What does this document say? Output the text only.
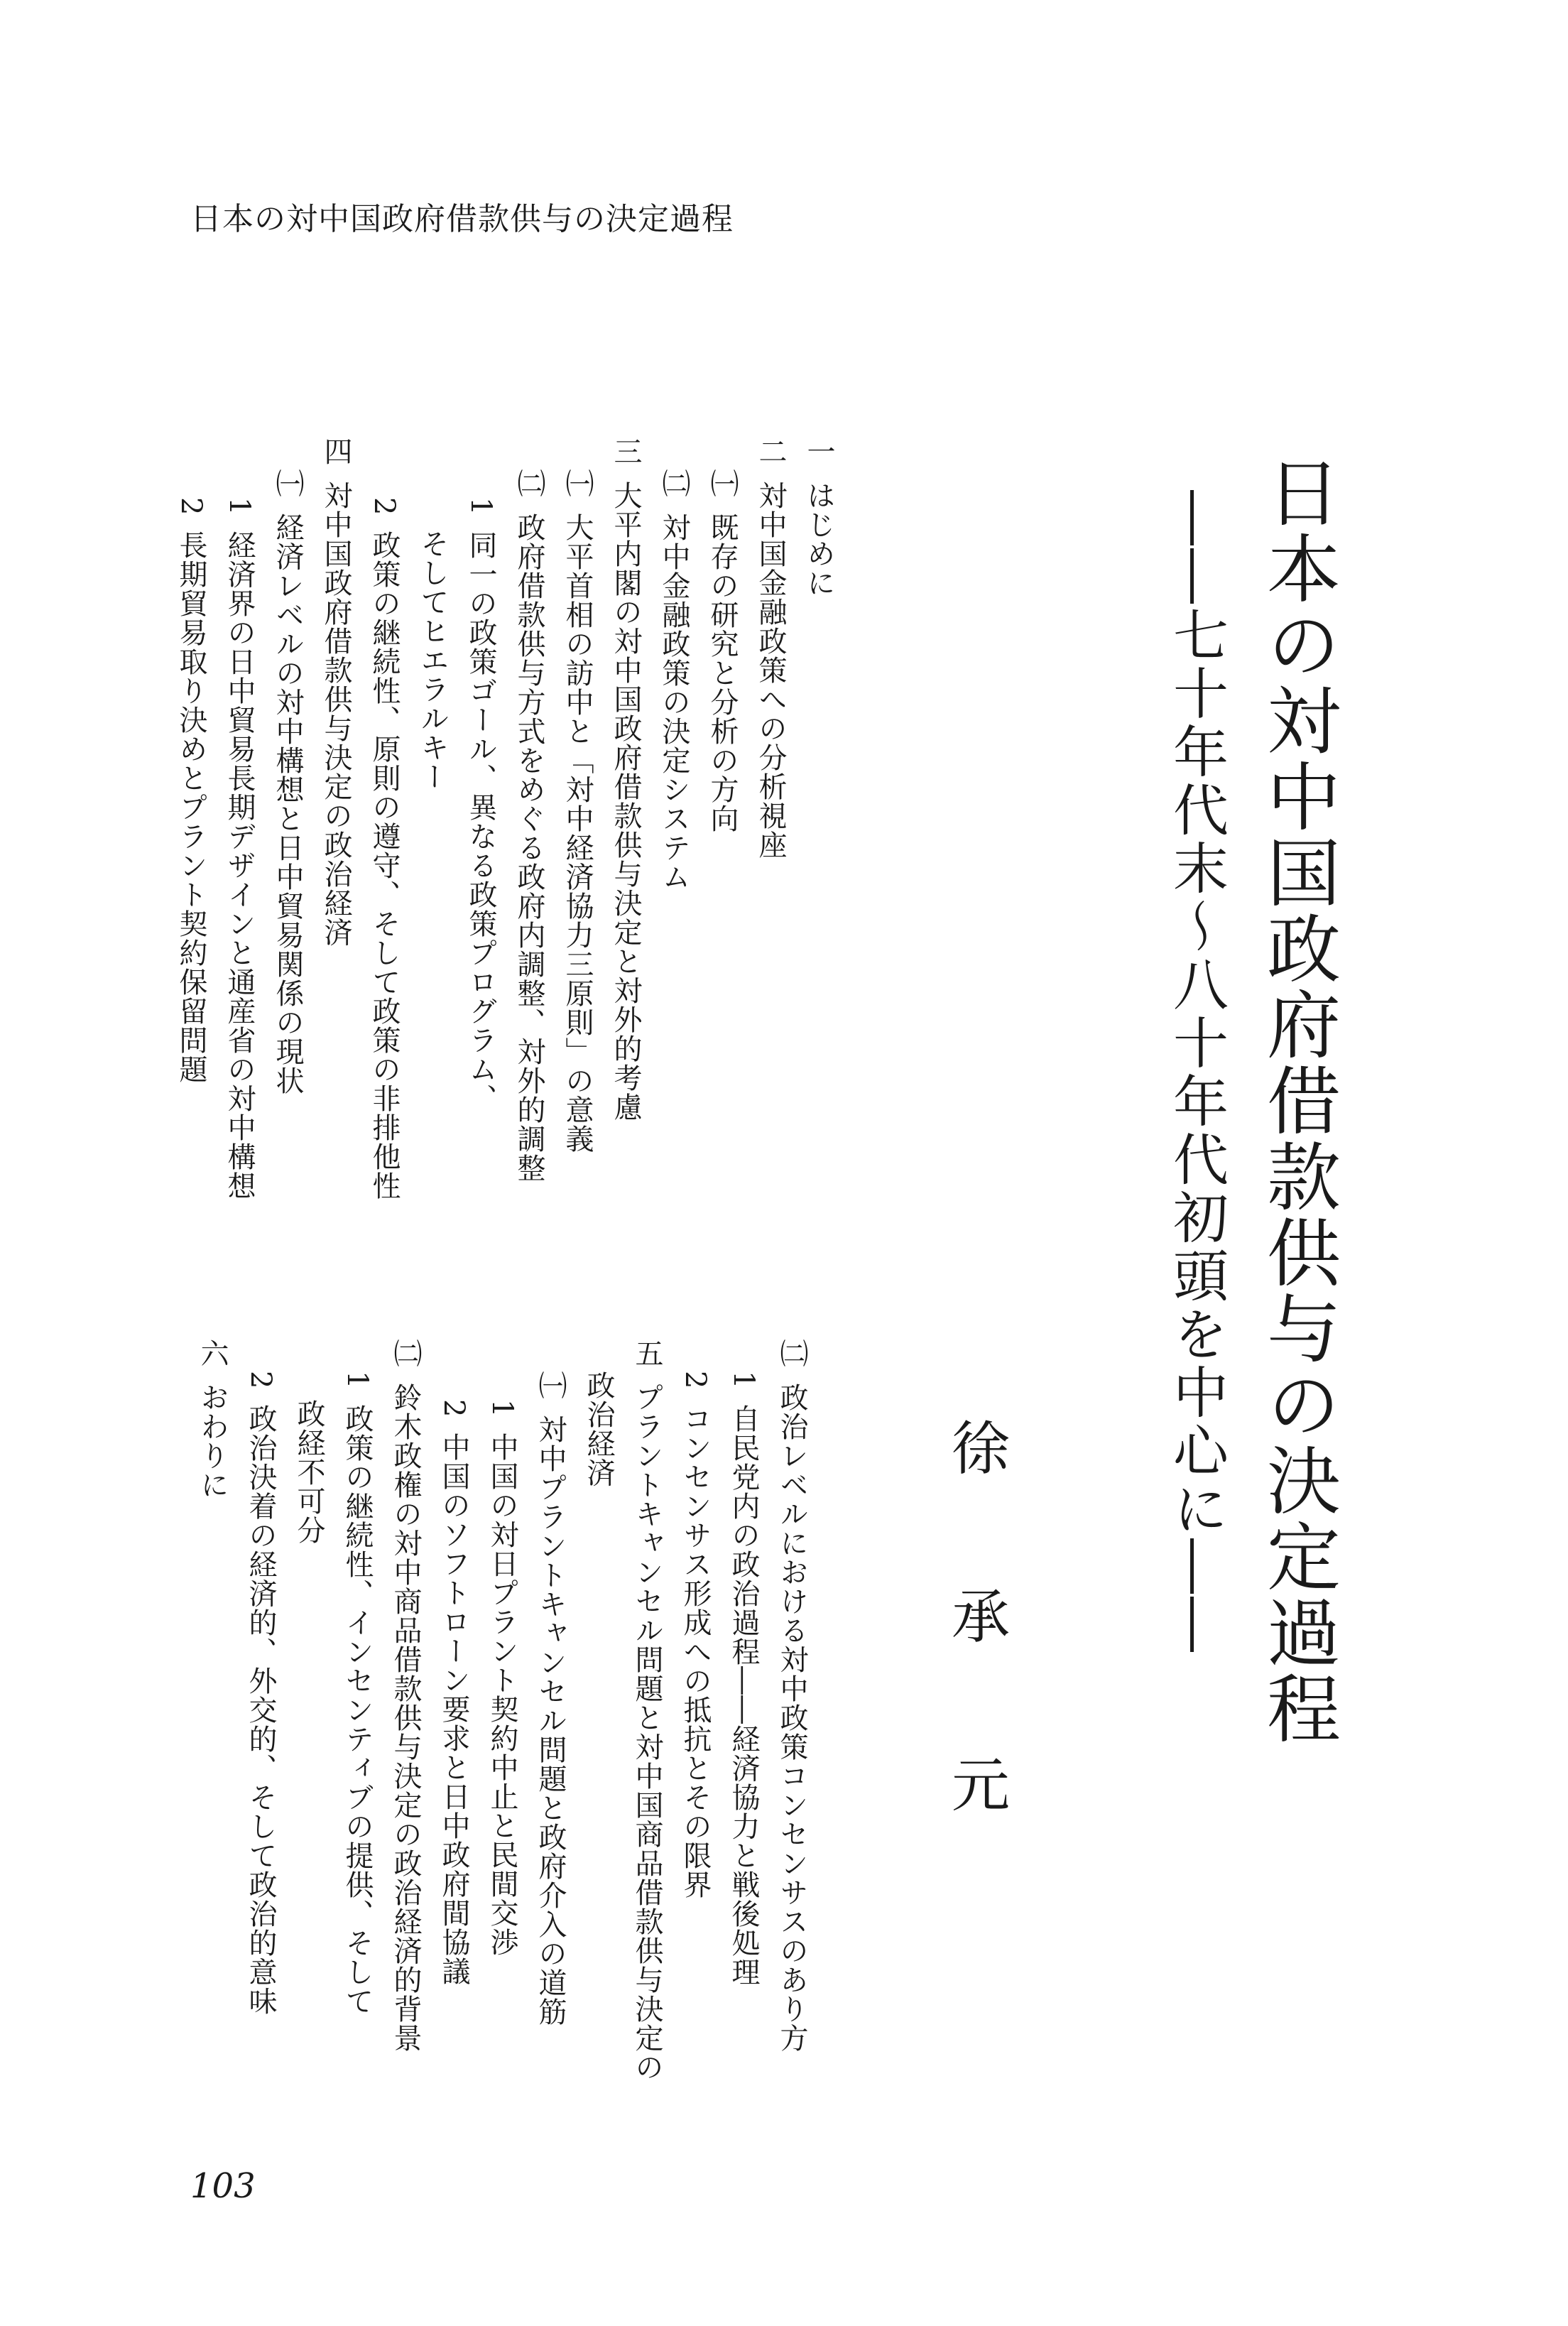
日本の対中国政府借款供与の決定過程
日本の対中国政府借款供与の決定過程
――七十年代末〜八十年代初頭を中心に――
徐
承
元
一
はじめに
二
対中国金融政策への分析視座
㈠
既存の研究と分析の方向
㈡
対中金融政策の決定システム
三
大平内閣の対中国政府借款供与決定と対外的考慮
㈠
大平首相の訪中と「対中経済協力三原則」の意義
㈡
政府借款供与方式をめぐる政府内調整、対外的調整
1
同一の政策ゴール、異なる政策プログラム、
そしてヒエラルキー
2
政策の継続性、原則の遵守、そして政策の非排他性
四
対中国政府借款供与決定の政治経済
㈠
経済レベルの対中構想と日中貿易関係の現状
1
経済界の日中貿易長期デザインと通産省の対中構想
2
長期貿易取り決めとプラント契約保留問題
㈡
政治レベルにおける対中政策コンセンサスのあり方
1
自民党内の政治過程――経済協力と戦後処理
2
コンセンサス形成への抵抗とその限界
五
プラントキャンセル問題と対中国商品借款供与決定の
政治経済
㈠
対中プラントキャンセル問題と政府介入の道筋
1
中国の対日プラント契約中止と民間交渉
2
中国のソフトローン要求と日中政府間協議
㈡
鈴木政権の対中商品借款供与決定の政治経済的背景
1
政策の継続性、インセンティブの提供、そして
政経不可分
2
政治決着の経済的、外交的、そして政治的意味
六
おわりに
103
